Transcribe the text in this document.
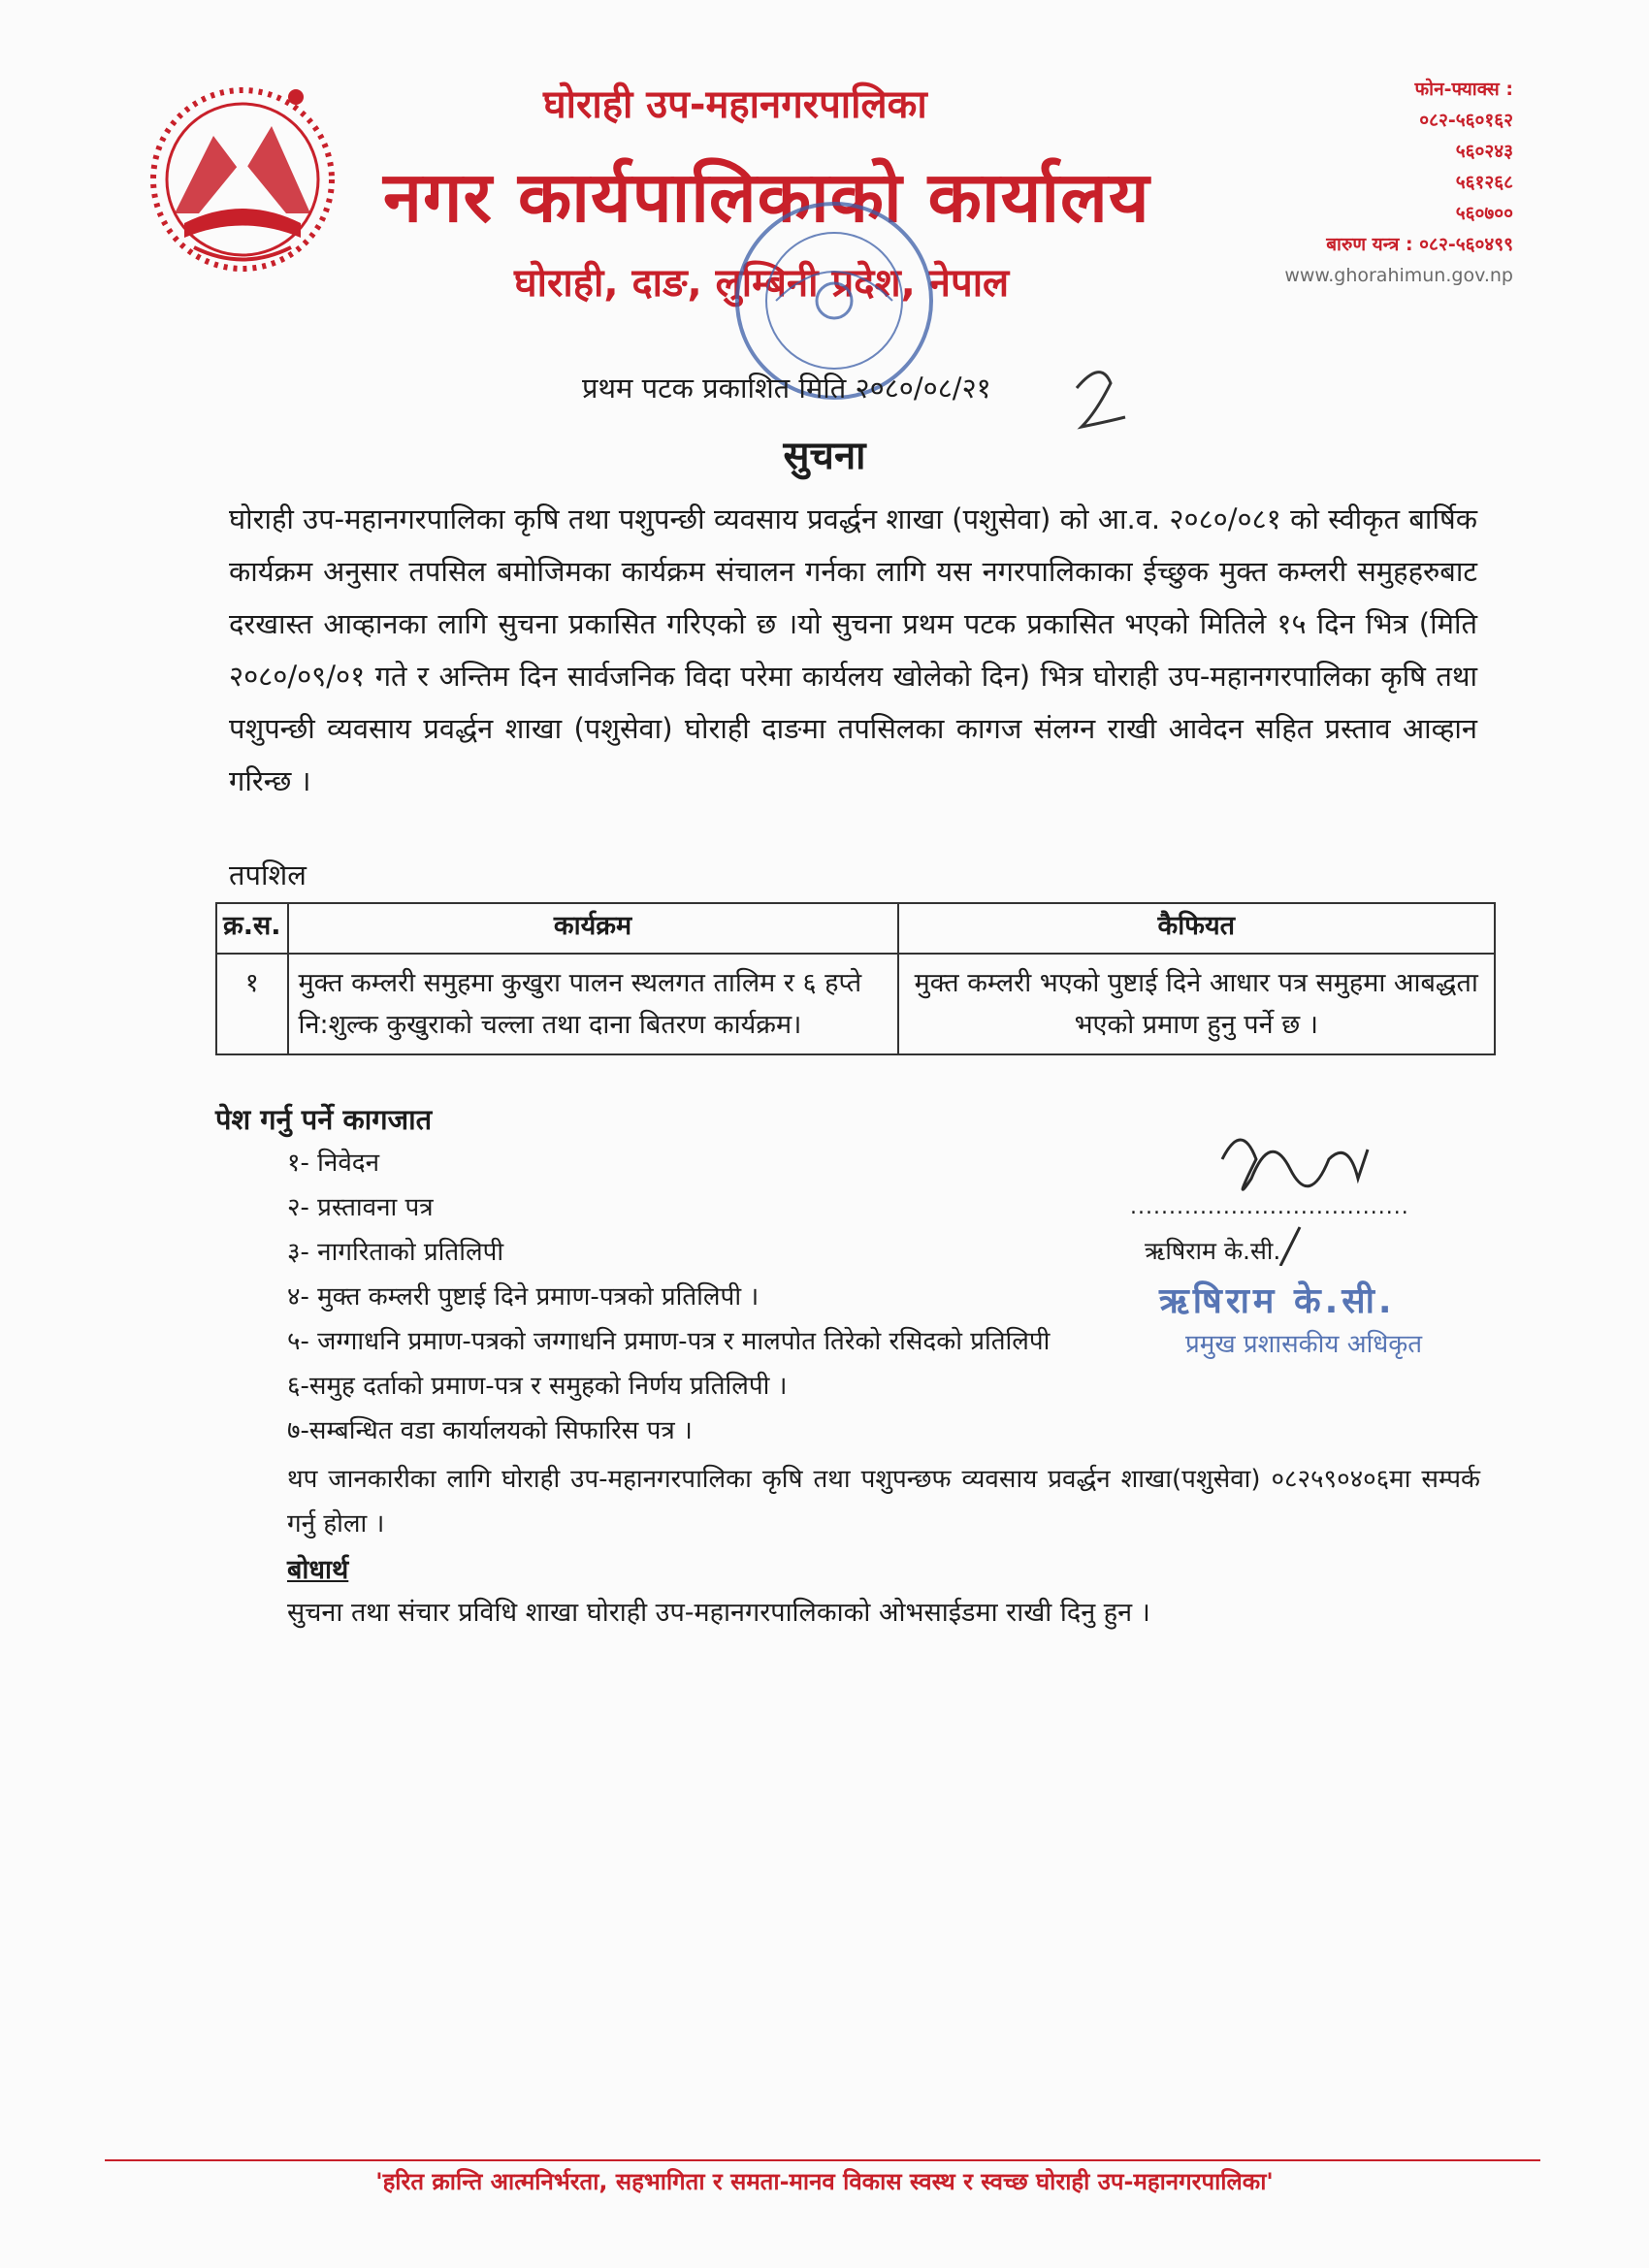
घोराही उप-महानगरपालिका
नगर कार्यपालिकाको कार्यालय
घोराही, दाङ, लुम्बिनी प्रदेश, नेपाल
फोन-फ्याक्स :
०८२-५६०१६२
५६०२४३
५६१२६८
५६०७००
बारुण यन्त्र : ०८२-५६०४९९
www.ghorahimun.gov.np
प्रथम पटक प्रकाशित मिति २०८०/०८/२१
सुचना
घोराही उप-महानगरपालिका कृषि तथा पशुपन्छी व्यवसाय प्रवर्द्धन शाखा (पशुसेवा) को आ.व. २०८०/०८१ को स्वीकृत बार्षिक कार्यक्रम अनुसार तपसिल बमोजिमका कार्यक्रम संचालन गर्नका लागि यस नगरपालिकाका ईच्छुक मुक्त कम्लरी समुहहरुबाट दरखास्त आव्हानका लागि सुचना प्रकासित गरिएको छ ।यो सुचना प्रथम पटक प्रकासित भएको मितिले १५ दिन भित्र (मिति २०८०/०९/०१ गते र अन्तिम दिन सार्वजनिक विदा परेमा कार्यलय खोलेको दिन) भित्र घोराही उप-महानगरपालिका कृषि तथा पशुपन्छी व्यवसाय प्रवर्द्धन शाखा (पशुसेवा) घोराही दाङमा तपसिलका कागज संलग्न राखी आवेदन सहित प्रस्ताव आव्हान गरिन्छ ।
तपशिल
क्र.स.	कार्यक्रम	कैफियत
१	मुक्त कम्लरी समुहमा कुखुरा पालन स्थलगत तालिम र ६ हप्ते नि:शुल्क कुखुराको चल्ला तथा दाना बितरण कार्यक्रम।	मुक्त कम्लरी भएको पुष्टाई दिने आधार पत्र समुहमा आबद्धता भएको प्रमाण हुनु पर्ने छ ।
पेश गर्नु पर्ने कागजात
१- निवेदन
२- प्रस्तावना पत्र
३- नागरिताको प्रतिलिपी
४- मुक्त कम्लरी पुष्टाई दिने प्रमाण-पत्रको प्रतिलिपी ।
५- जग्गाधनि प्रमाण-पत्रको जग्गाधनि प्रमाण-पत्र र मालपोत तिरेको रसिदको प्रतिलिपी
६-समुह दर्ताको प्रमाण-पत्र र समुहको निर्णय प्रतिलिपी ।
७-सम्बन्धित वडा कार्यालयको सिफारिस पत्र ।
....................................
ऋषिराम के.सी.
ऋषिराम के.सी.
प्रमुख प्रशासकीय अधिकृत
थप जानकारीका लागि घोराही उप-महानगरपालिका कृषि तथा पशुपन्छफ व्यवसाय प्रवर्द्धन शाखा(पशुसेवा) ०८२५९०४०६मा सम्पर्क गर्नु होला ।
बोधार्थ
सुचना तथा संचार प्रविधि शाखा घोराही उप-महानगरपालिकाको ओभसाईडमा राखी दिनु हुन ।
'हरित क्रान्ति आत्मनिर्भरता, सहभागिता र समता-मानव विकास स्वस्थ र स्वच्छ घोराही उप-महानगरपालिका'
